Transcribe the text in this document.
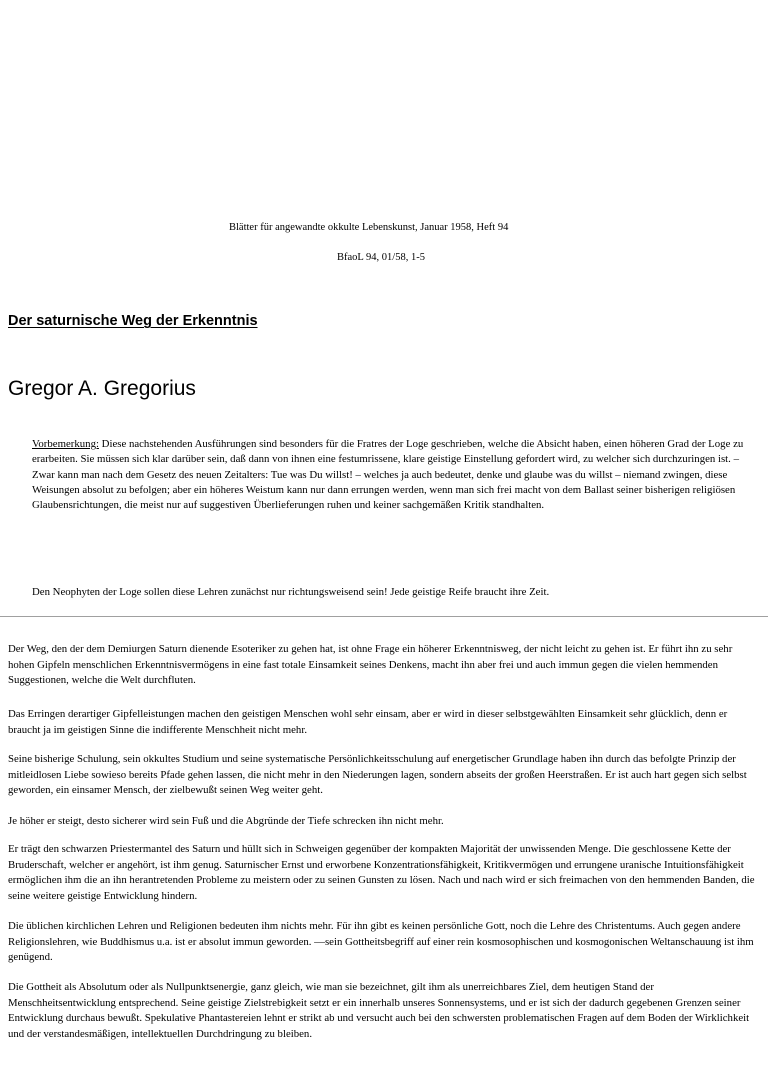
Blätter für angewandte okkulte Lebenskunst, Januar 1958, Heft 94
BfaoL 94, 01/58, 1-5
Der saturnische Weg der Erkenntnis
Gregor A. Gregorius
Vorbemerkung: Diese nachstehenden Ausführungen sind besonders für die Fratres der Loge geschrieben, welche die Absicht haben, einen höheren Grad der Loge zu erarbeiten. Sie müssen sich klar darüber sein, daß dann von ihnen eine festumrissene, klare geistige Einstellung gefordert wird, zu welcher sich durchzuringen ist. – Zwar kann man nach dem Gesetz des neuen Zeitalters: Tue was Du willst! – welches ja auch bedeutet, denke und glaube was du willst – niemand zwingen, diese Weisungen absolut zu befolgen; aber ein höheres Weistum kann nur dann errungen werden, wenn man sich frei macht von dem Ballast seiner bisherigen religiösen Glaubensrichtungen, die meist nur auf suggestiven Überlieferungen ruhen und keiner sachgemäßen Kritik standhalten.
Den Neophyten der Loge sollen diese Lehren zunächst nur richtungsweisend sein! Jede geistige Reife braucht ihre Zeit.
Der Weg, den der dem Demiurgen Saturn dienende Esoteriker zu gehen hat, ist ohne Frage ein höherer Erkenntnisweg, der nicht leicht zu gehen ist. Er führt ihn zu sehr hohen Gipfeln menschlichen Erkenntnisvermögens in eine fast totale Einsamkeit seines Denkens, macht ihn aber frei und auch immun gegen die vielen hemmenden Suggestionen, welche die Welt durchfluten.
Das Erringen derartiger Gipfelleistungen machen den geistigen Menschen wohl sehr einsam, aber er wird in dieser selbstgewählten Einsamkeit sehr glücklich, denn er braucht ja im geistigen Sinne die indifferente Menschheit nicht mehr.
Seine bisherige Schulung, sein okkultes Studium und seine systematische Persönlichkeitsschulung auf energetischer Grundlage haben ihn durch das befolgte Prinzip der mitleidlosen Liebe sowieso bereits Pfade gehen lassen, die nicht mehr in den Niederungen lagen, sondern abseits der großen Heerstraßen. Er ist auch hart gegen sich selbst geworden, ein einsamer Mensch, der zielbewußt seinen Weg weiter geht.
Je höher er steigt, desto sicherer wird sein Fuß und die Abgründe der Tiefe schrecken ihn nicht mehr.
Er trägt den schwarzen Priestermantel des Saturn und hüllt sich in Schweigen gegenüber der kompakten Majorität der unwissenden Menge. Die geschlossene Kette der Bruderschaft, welcher er angehört, ist ihm genug. Saturnischer Ernst und erworbene Konzentrationsfähigkeit, Kritikvermögen und errungene uranische Intuitionsfähigkeit ermöglichen ihm die an ihn herantretenden Probleme zu meistern oder zu seinen Gunsten zu lösen. Nach und nach wird er sich freimachen von den hemmenden Banden, die seine weitere geistige Entwicklung hindern.
Die üblichen kirchlichen Lehren und Religionen bedeuten ihm nichts mehr. Für ihn gibt es keinen persönliche Gott, noch die Lehre des Christentums. Auch gegen andere Religionslehren, wie Buddhismus u.a. ist er absolut immun geworden. —sein Gottheitsbegriff auf einer rein kosmosophischen und kosmogonischen Weltanschauung ist ihm genügend.
Die Gottheit als Absolutum oder als Nullpunktsenergie, ganz gleich, wie man sie bezeichnet, gilt ihm als unerreichbares Ziel, dem heutigen Stand der Menschheitsentwicklung entsprechend. Seine geistige Zielstrebigkeit setzt er ein innerhalb unseres Sonnensystems, und er ist sich der dadurch gegebenen Grenzen seiner Entwicklung durchaus bewußt. Spekulative Phantastereien lehnt er strikt ab und versucht auch bei den schwersten problematischen Fragen auf dem Boden der Wirklichkeit und der verstandesmäßigen, intellektuellen Durchdringung zu bleiben.
